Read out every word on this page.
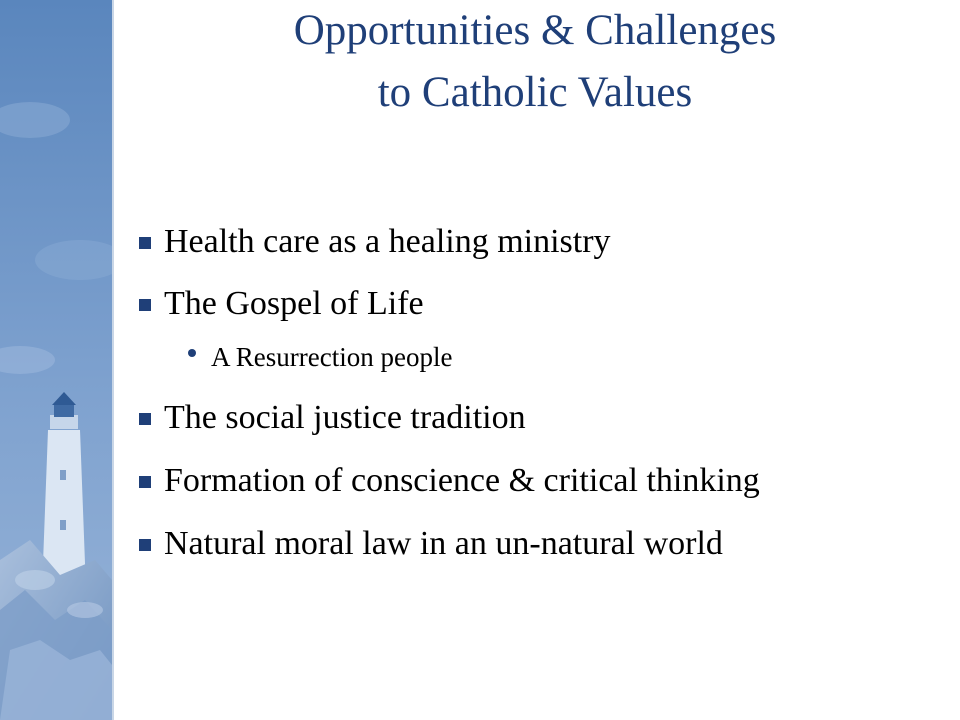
Opportunities & Challenges
to Catholic Values
Health care as a healing ministry
The Gospel of Life
A Resurrection people
The social justice tradition
Formation of conscience & critical thinking
Natural moral law in an un-natural world
